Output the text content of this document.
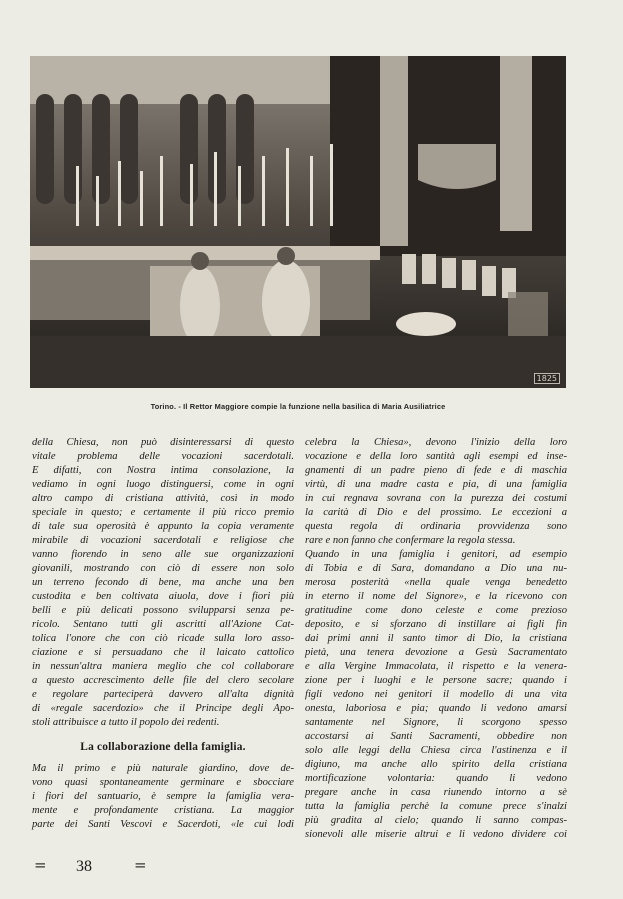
1825
Torino. - Il Rettor Maggiore compie la funzione nella basilica di Maria Ausiliatrice
della Chiesa, non può disinteressarsi di questo
vitale problema delle vocazioni sacerdotali.
E difatti, con Nostra intima consolazione, la
vediamo in ogni luogo distinguersi, come in ogni
altro campo di cristiana attività, così in modo
speciale in questo; e certamente il più ricco premio
di tale sua operosità è appunto la copia veramente
mirabile di vocazioni sacerdotali e religiose che
vanno fiorendo in seno alle sue organizzazioni
giovanili, mostrando con ciò di essere non solo
un terreno fecondo di bene, ma anche una ben
custodita e ben coltivata aiuola, dove i fiori più
belli e più delicati possono svilupparsi senza pe-
ricolo. Sentano tutti gli ascritti all'Azione Cat-
tolica l'onore che con ciò ricade sulla loro asso-
ciazione e si persuadano che il laicato cattolico
in nessun'altra maniera meglio che col collaborare
a questo accrescimento delle file del clero secolare
e regolare parteciperà davvero all'alta dignità
di «regale sacerdozio» che il Principe degli Apo-
stoli attribuisce a tutto il popolo dei redenti.
La collaborazione della famiglia.
Ma il primo e più naturale giardino, dove de-
vono quasi spontaneamente germinare e sbocciare
i fiori del santuario, è sempre la famiglia vera-
mente e profondamente cristiana. La maggior
parte dei Santi Vescovi e Sacerdoti, «le cui lodi
celebra la Chiesa», devono l'inizio della loro
vocazione e della loro santità agli esempi ed inse-
gnamenti di un padre pieno di fede e di maschia
virtù, di una madre casta e pia, di una famiglia
in cui regnava sovrana con la purezza dei costumi
la carità di Dio e del prossimo. Le eccezioni a
questa regola di ordinaria provvidenza sono
rare e non fanno che confermare la regola stessa.
Quando in una famiglia i genitori, ad esempio
di Tobia e di Sara, domandano a Dio una nu-
merosa posterità «nella quale venga benedetto
in eterno il nome del Signore», e la ricevono con
gratitudine come dono celeste e come prezioso
deposito, e si sforzano di instillare ai figli fin
dai primi anni il santo timor di Dio, la cristiana
pietà, una tenera devozione a Gesù Sacramentato
e alla Vergine Immacolata, il rispetto e la venera-
zione per i luoghi e le persone sacre; quando i
figli vedono nei genitori il modello di una vita
onesta, laboriosa e pia; quando li vedono amarsi
santamente nel Signore, li scorgono spesso
accostarsi ai Santi Sacramenti, obbedire non
solo alle leggi della Chiesa circa l'astinenza e il
digiuno, ma anche allo spirito della cristiana
mortificazione volontaria: quando li vedono
pregare anche in casa riunendo intorno a sè
tutta la famiglia perchè la comune prece s'inalzi
più gradita al cielo; quando li sanno compas-
sionevoli alle miserie altrui e li vedono dividere coi
= 38	=
